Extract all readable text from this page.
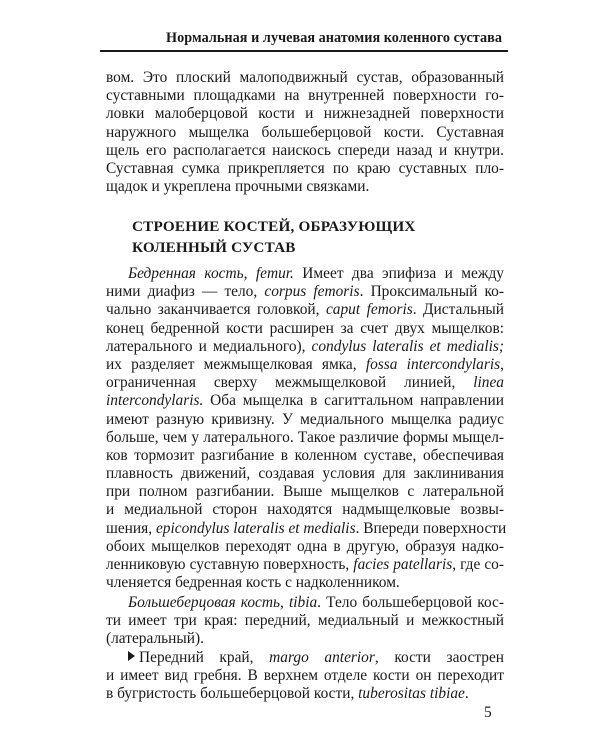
Нормальная и лучевая анатомия коленного сустава
вом. Это плоский малоподвижный сустав, образованный
суставными площадками на внутренней поверхности го-
ловки малоберцовой кости и нижнезадней поверхности
наружного мыщелка большеберцовой кости. Суставная
щель его располагается наискось спереди назад и кнутри.
Суставная сумка прикрепляется по краю суставных пло-
щадок и укреплена прочными связками.
СТРОЕНИЕ КОСТЕЙ, ОБРАЗУЮЩИХ
КОЛЕННЫЙ СУСТАВ
Бедренная кость, femur. Имеет два эпифиза и между
ними диафиз — тело, corpus femoris. Проксимальный ко-
чально заканчивается головкой, caput femoris. Дистальный
конец бедренной кости расширен за счет двух мыщелков:
латерального и медиального), condylus lateralis et medialis;
их разделяет межмыщелковая ямка, fossa intercondylaris,
ограниченная сверху межмыщелковой линией, linea
intercondylaris. Оба мыщелка в сагиттальном направлении
имеют разную кривизну. У медиального мыщелка радиус
больше, чем у латерального. Такое различие формы мыщел-
ков тормозит разгибание в коленном суставе, обеспечивая
плавность движений, создавая условия для заклинивания
при полном разгибании. Выше мыщелков с латеральной
и медиальной сторон находятся надмыщелковые возвы-
шения, epicondylus lateralis et medialis. Впереди поверхности
обоих мыщелков переходят одна в другую, образуя надко-
ленниковую суставную поверхность, facies patellaris, где со-
членяется бедренная кость с надколенником.
Большеберцовая кость, tibia. Тело большеберцовой кос-
ти имеет три края: передний, медиальный и межкостный
(латеральный).
Передний край, margo anterior, кости заострен
и имеет вид гребня. В верхнем отделе кости он переходит
в бугристость большеберцовой кости, tuberositas tibiae.
5
